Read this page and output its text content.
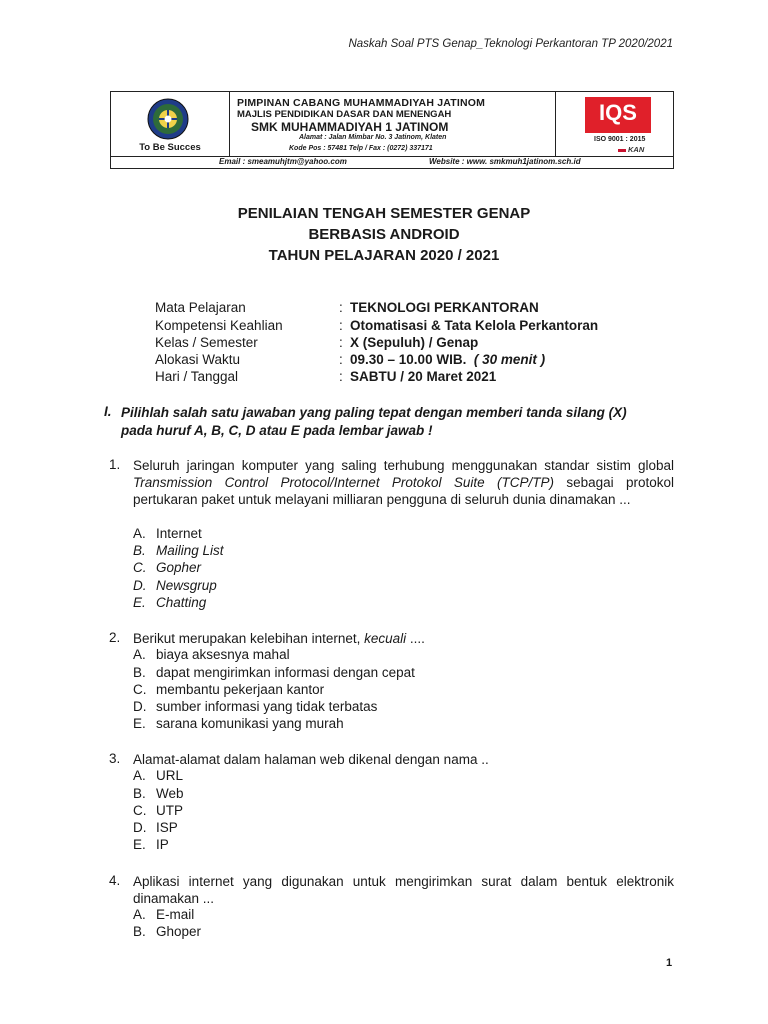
Naskah Soal PTS Genap_Teknologi Perkantoran TP 2020/2021
To Be Succes
PIMPINAN CABANG MUHAMMADIYAH JATINOM
MAJLIS PENDIDIKAN DASAR DAN MENENGAH
SMK MUHAMMADIYAH 1 JATINOM
Alamat : Jalan Mimbar No. 3 Jatinom, Klaten
Kode Pos : 57481 Telp / Fax : (0272) 337171
IQS
ISO 9001 : 2015
KAN
Email : smeamuhjtm@yahoo.com	Website : www. smkmuh1jatinom.sch.id
PENILAIAN TENGAH SEMESTER GENAP
BERBASIS ANDROID
TAHUN PELAJARAN 2020 / 2021
Mata Pelajaran	: TEKNOLOGI PERKANTORAN
Kompetensi Keahlian	: Otomatisasi & Tata Kelola Perkantoran
Kelas / Semester	: X (Sepuluh) / Genap
Alokasi Waktu	: 09.30 – 10.00 WIB. ( 30 menit )
Hari / Tanggal	: SABTU / 20 Maret 2021
I. Pilihlah salah satu jawaban yang paling tepat dengan memberi tanda silang (X) pada huruf A, B, C, D atau E pada lembar jawab !
1. Seluruh jaringan komputer yang saling terhubung menggunakan standar sistim global Transmission Control Protocol/Internet Protokol Suite (TCP/TP) sebagai protokol pertukaran paket untuk melayani milliaran pengguna di seluruh dunia dinamakan ...
A. Internet
B. Mailing List
C. Gopher
D. Newsgrup
E. Chatting
2. Berikut merupakan kelebihan internet, kecuali ....
A. biaya aksesnya mahal
B. dapat mengirimkan informasi dengan cepat
C. membantu pekerjaan kantor
D. sumber informasi yang tidak terbatas
E. sarana komunikasi yang murah
3. Alamat-alamat dalam halaman web dikenal dengan nama ..
A. URL
B. Web
C. UTP
D. ISP
E. IP
4. Aplikasi internet yang digunakan untuk mengirimkan surat dalam bentuk elektronik dinamakan ...
A. E-mail
B. Ghoper
1
